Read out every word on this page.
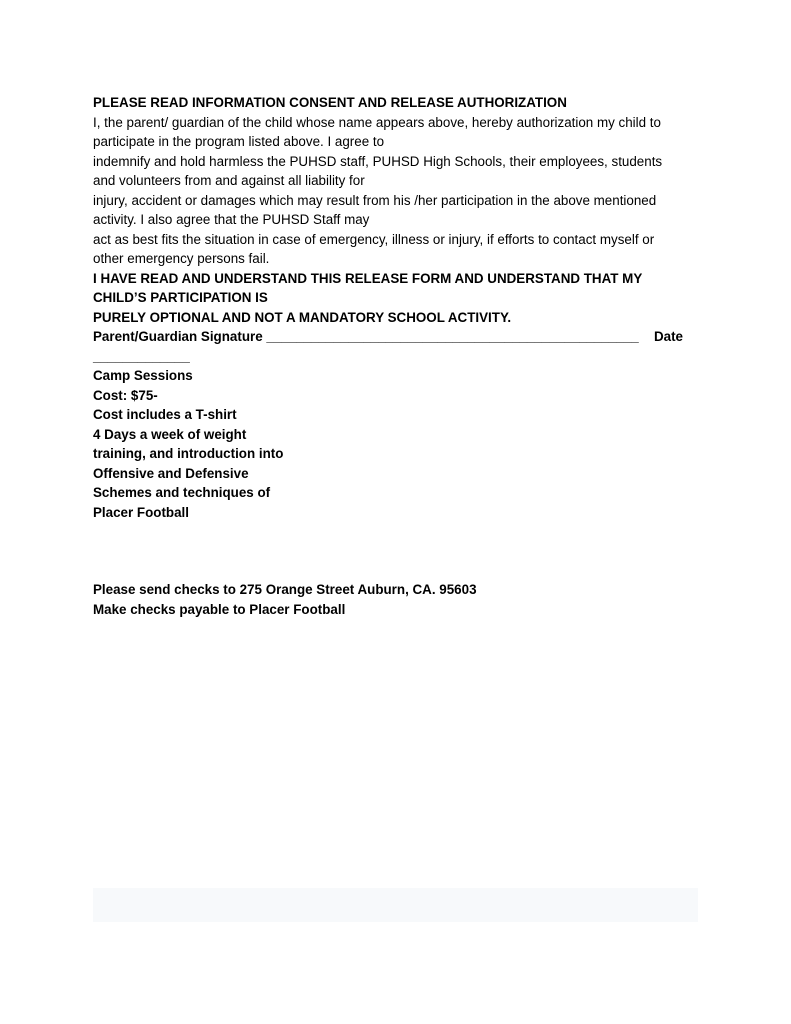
PLEASE READ INFORMATION CONSENT AND RELEASE AUTHORIZATION
I, the parent/ guardian of the child whose name appears above, hereby authorization my child to
participate in the program listed above. I agree to
indemnify and hold harmless the PUHSD staff, PUHSD High Schools, their employees, students
and volunteers from and against all liability for
injury, accident or damages which may result from his /her participation in the above mentioned
activity. I also agree that the PUHSD Staff may
act as best fits the situation in case of emergency, illness or injury, if efforts to contact myself or
other emergency persons fail.
I HAVE READ AND UNDERSTAND THIS RELEASE FORM AND UNDERSTAND THAT MY
CHILD’S PARTICIPATION IS
PURELY OPTIONAL AND NOT A MANDATORY SCHOOL ACTIVITY.
Parent/Guardian Signature __________________________________________________ Date
_____________
Camp Sessions
Cost: $75-
Cost includes a T-shirt
4 Days a week of weight
training, and introduction into
Offensive and Defensive
Schemes and techniques of
Placer Football
Please send checks to 275 Orange Street Auburn, CA. 95603
Make checks payable to Placer Football
